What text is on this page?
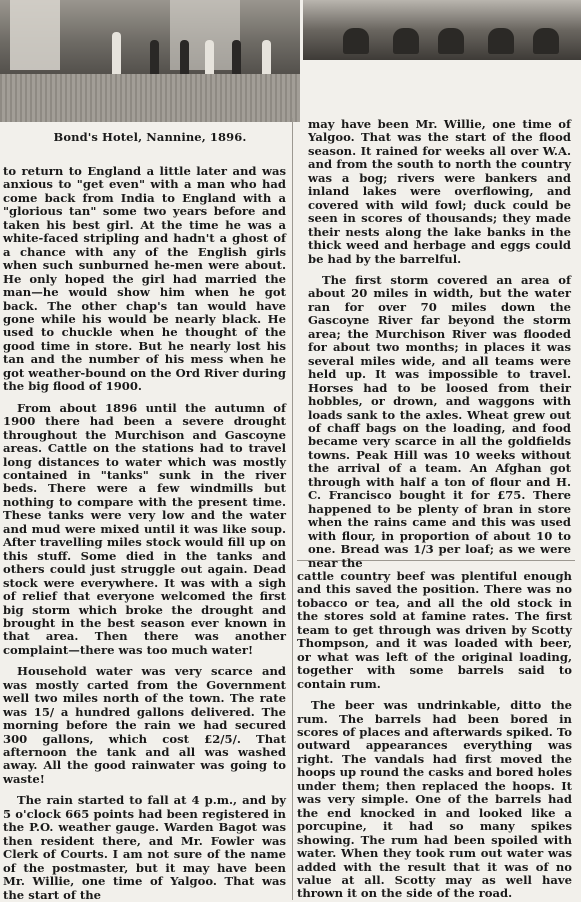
Bond's Hotel, Nannine, 1896.

to return to England a little later and was anxious to "get even" with a man who had come back from India to England with a "glorious tan" some two years before and taken his best girl. At the time he was a white-faced stripling and hadn't a ghost of a chance with any of the English girls when such sunburned he-men were about. He only hoped the girl had married the man—he would show him when he got back. The other chap's tan would have gone while his would be nearly black. He used to chuckle when he thought of the good time in store. But he nearly lost his tan and the number of his mess when he got weather-bound on the Ord River during the big flood of 1900.

From about 1896 until the autumn of 1900 there had been a severe drought throughout the Murchison and Gascoyne areas. Cattle on the stations had to travel long distances to water which was mostly contained in "tanks" sunk in the river beds. There were a few windmills but nothing to compare with the present time. These tanks were very low and the water and mud were mixed until it was like soup. After travelling miles stock would fill up on this stuff. Some died in the tanks and others could just struggle out again. Dead stock were everywhere. It was with a sigh of relief that everyone welcomed the first big storm which broke the drought and brought in the best season ever known in that area. Then there was another complaint—there was too much water!

Household water was very scarce and was mostly carted from the Government well two miles north of the town. The rate was 15/ a hundred gallons delivered. The morning before the rain we had secured 300 gallons, which cost £2/5/. That afternoon the tank and all was washed away. All the good rainwater was going to waste!

The rain started to fall at 4 p.m., and by 5 o'clock 665 points had been registered in the P.O. weather gauge. Warden Bagot was then resident there, and Mr. Fowler was Clerk of Courts. I am not sure of the name of the postmaster, but it may have been Mr. Willie, one time of Yalgoo. That was the start of the

may have been Mr. Willie, one time of Yalgoo. That was the start of the flood season. It rained for weeks all over W.A. and from the south to north the country was a bog; rivers were bankers and inland lakes were overflowing, and covered with wild fowl; duck could be seen in scores of thousands; they made their nests along the lake banks in the thick weed and herbage and eggs could be had by the barrelful.

The first storm covered an area of about 20 miles in width, but the water ran for over 70 miles down the Gascoyne River far beyond the storm area; the Murchison River was flooded for about two months; in places it was several miles wide, and all teams were held up. It was impossible to travel. Horses had to be loosed from their hobbles, or drown, and waggons with loads sank to the axles. Wheat grew out of chaff bags on the loading, and food became very scarce in all the goldfields towns. Peak Hill was 10 weeks without the arrival of a team. An Afghan got through with half a ton of flour and H. C. Francisco bought it for £75. There happened to be plenty of bran in store when the rains came and this was used with flour, in proportion of about 10 to one. Bread was 1/3 per loaf; as we were near the

cattle country beef was plentiful enough and this saved the position. There was no tobacco or tea, and all the old stock in the stores sold at famine rates. The first team to get through was driven by Scotty Thompson, and it was loaded with beer, or what was left of the original loading, together with some barrels said to contain rum.

The beer was undrinkable, ditto the rum. The barrels had been bored in scores of places and afterwards spiked. To outward appearances everything was right. The vandals had first moved the hoops up round the casks and bored holes under them; then replaced the hoops. It was very simple. One of the barrels had the end knocked in and looked like a porcupine, it had so many spikes showing. The rum had been spoiled with water. When they took rum out water was added with the result that it was of no value at all. Scotty may as well have thrown it on the side of the road.
